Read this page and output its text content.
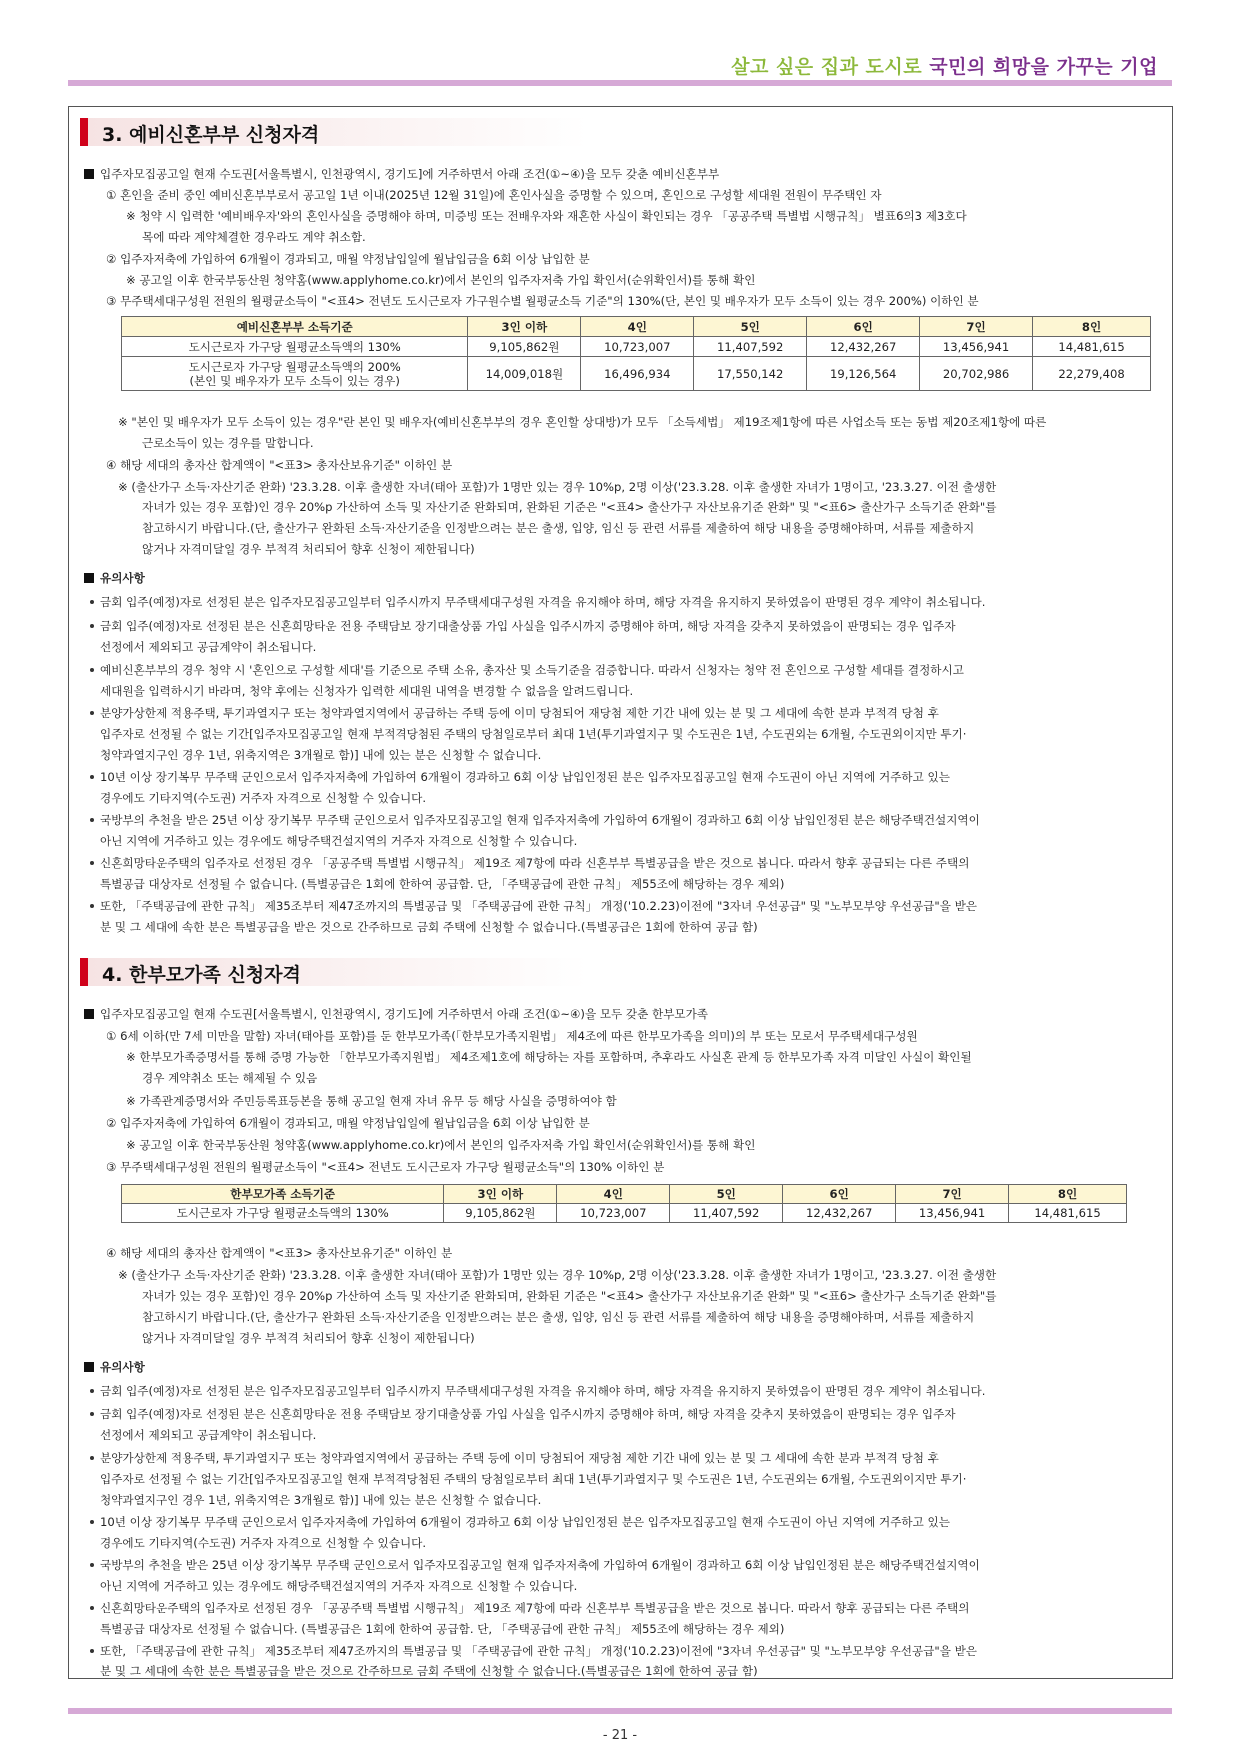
살고 싶은 집과 도시로 국민의 희망을 가꾸는 기업
3. 예비신혼부부 신청자격
입주자모집공고일 현재 수도권[서울특별시, 인천광역시, 경기도]에 거주하면서 아래 조건(①~④)을 모두 갖춘 예비신혼부부
① 혼인을 준비 중인 예비신혼부부로서 공고일 1년 이내(2025년 12월 31일)에 혼인사실을 증명할 수 있으며, 혼인으로 구성할 세대원 전원이 무주택인 자
※ 청약 시 입력한 '예비배우자'와의 혼인사실을 증명해야 하며, 미증빙 또는 전배우자와 재혼한 사실이 확인되는 경우 「공공주택 특별법 시행규칙」 별표6의3 제3호다
목에 따라 계약체결한 경우라도 계약 취소함.
② 입주자저축에 가입하여 6개월이 경과되고, 매월 약정납입일에 월납입금을 6회 이상 납입한 분
※ 공고일 이후 한국부동산원 청약홈(www.applyhome.co.kr)에서 본인의 입주자저축 가입 확인서(순위확인서)를 통해 확인
③ 무주택세대구성원 전원의 월평균소득이 "<표4> 전년도 도시근로자 가구원수별 월평균소득 기준"의 130%(단, 본인 및 배우자가 모두 소득이 있는 경우 200%) 이하인 분
예비신혼부부 소득기준	3인 이하	4인	5인	6인	7인	8인
도시근로자 가구당 월평균소득액의 130%	9,105,862원	10,723,007	11,407,592	12,432,267	13,456,941	14,481,615

도시근로자 가구당 월평균소득액의 200%
(본인 및 배우자가 모두 소득이 있는 경우)	14,009,018원	16,496,934	17,550,142	19,126,564	20,702,986	22,279,408
※ "본인 및 배우자가 모두 소득이 있는 경우"란 본인 및 배우자(예비신혼부부의 경우 혼인할 상대방)가 모두 「소득세법」 제19조제1항에 따른 사업소득 또는 동법 제20조제1항에 따른
근로소득이 있는 경우를 말합니다.
④ 해당 세대의 총자산 합계액이 "<표3> 총자산보유기준" 이하인 분
※ (출산가구 소득·자산기준 완화) '23.3.28. 이후 출생한 자녀(태아 포함)가 1명만 있는 경우 10%p, 2명 이상('23.3.28. 이후 출생한 자녀가 1명이고, '23.3.27. 이전 출생한
자녀가 있는 경우 포함)인 경우 20%p 가산하여 소득 및 자산기준 완화되며, 완화된 기준은 "<표4> 출산가구 자산보유기준 완화" 및 "<표6> 출산가구 소득기준 완화"를
참고하시기 바랍니다.(단, 출산가구 완화된 소득·자산기준을 인정받으려는 분은 출생, 입양, 임신 등 관련 서류를 제출하여 해당 내용을 증명해야하며, 서류를 제출하지
않거나 자격미달일 경우 부적격 처리되어 향후 신청이 제한됩니다)
유의사항
금회 입주(예정)자로 선정된 분은 입주자모집공고일부터 입주시까지 무주택세대구성원 자격을 유지해야 하며, 해당 자격을 유지하지 못하였음이 판명된 경우 계약이 취소됩니다.
금회 입주(예정)자로 선정된 분은 신혼희망타운 전용 주택담보 장기대출상품 가입 사실을 입주시까지 증명해야 하며, 해당 자격을 갖추지 못하였음이 판명되는 경우 입주자
선정에서 제외되고 공급계약이 취소됩니다.
예비신혼부부의 경우 청약 시 '혼인으로 구성할 세대'를 기준으로 주택 소유, 총자산 및 소득기준을 검증합니다. 따라서 신청자는 청약 전 혼인으로 구성할 세대를 결정하시고
세대원을 입력하시기 바라며, 청약 후에는 신청자가 입력한 세대원 내역을 변경할 수 없음을 알려드립니다.
분양가상한제 적용주택, 투기과열지구 또는 청약과열지역에서 공급하는 주택 등에 이미 당첨되어 재당첨 제한 기간 내에 있는 분 및 그 세대에 속한 분과 부적격 당첨 후
입주자로 선정될 수 없는 기간[입주자모집공고일 현재 부적격당첨된 주택의 당첨일로부터 최대 1년(투기과열지구 및 수도권은 1년, 수도권외는 6개월, 수도권외이지만 투기·
청약과열지구인 경우 1년, 위축지역은 3개월로 함)] 내에 있는 분은 신청할 수 없습니다.
10년 이상 장기복무 무주택 군인으로서 입주자저축에 가입하여 6개월이 경과하고 6회 이상 납입인정된 분은 입주자모집공고일 현재 수도권이 아닌 지역에 거주하고 있는
경우에도 기타지역(수도권) 거주자 자격으로 신청할 수 있습니다.
국방부의 추천을 받은 25년 이상 장기복무 무주택 군인으로서 입주자모집공고일 현재 입주자저축에 가입하여 6개월이 경과하고 6회 이상 납입인정된 분은 해당주택건설지역이
아닌 지역에 거주하고 있는 경우에도 해당주택건설지역의 거주자 자격으로 신청할 수 있습니다.
신혼희망타운주택의 입주자로 선정된 경우 「공공주택 특별법 시행규칙」 제19조 제7항에 따라 신혼부부 특별공급을 받은 것으로 봅니다. 따라서 향후 공급되는 다른 주택의
특별공급 대상자로 선정될 수 없습니다. (특별공급은 1회에 한하여 공급함. 단, 「주택공급에 관한 규칙」 제55조에 해당하는 경우 제외)
또한, 「주택공급에 관한 규칙」 제35조부터 제47조까지의 특별공급 및 「주택공급에 관한 규칙」 개정('10.2.23)이전에 "3자녀 우선공급" 및 "노부모부양 우선공급"을 받은
분 및 그 세대에 속한 분은 특별공급을 받은 것으로 간주하므로 금회 주택에 신청할 수 없습니다.(특별공급은 1회에 한하여 공급 함)
4. 한부모가족 신청자격
입주자모집공고일 현재 수도권[서울특별시, 인천광역시, 경기도]에 거주하면서 아래 조건(①~④)을 모두 갖춘 한부모가족
① 6세 이하(만 7세 미만을 말함) 자녀(태아를 포함)를 둔 한부모가족(「한부모가족지원법」 제4조에 따른 한부모가족을 의미)의 부 또는 모로서 무주택세대구성원
※ 한부모가족증명서를 통해 증명 가능한 「한부모가족지원법」 제4조제1호에 해당하는 자를 포함하며, 추후라도 사실혼 관계 등 한부모가족 자격 미달인 사실이 확인될
경우 계약취소 또는 해제될 수 있음
※ 가족관계증명서와 주민등록표등본을 통해 공고일 현재 자녀 유무 등 해당 사실을 증명하여야 함
② 입주자저축에 가입하여 6개월이 경과되고, 매월 약정납입일에 월납입금을 6회 이상 납입한 분
※ 공고일 이후 한국부동산원 청약홈(www.applyhome.co.kr)에서 본인의 입주자저축 가입 확인서(순위확인서)를 통해 확인
③ 무주택세대구성원 전원의 월평균소득이 "<표4> 전년도 도시근로자 가구당 월평균소득"의 130% 이하인 분
한부모가족 소득기준	3인 이하	4인	5인	6인	7인	8인
도시근로자 가구당 월평균소득액의 130%	9,105,862원	10,723,007	11,407,592	12,432,267	13,456,941	14,481,615
④ 해당 세대의 총자산 합계액이 "<표3> 총자산보유기준" 이하인 분
※ (출산가구 소득·자산기준 완화) '23.3.28. 이후 출생한 자녀(태아 포함)가 1명만 있는 경우 10%p, 2명 이상('23.3.28. 이후 출생한 자녀가 1명이고, '23.3.27. 이전 출생한
자녀가 있는 경우 포함)인 경우 20%p 가산하여 소득 및 자산기준 완화되며, 완화된 기준은 "<표4> 출산가구 자산보유기준 완화" 및 "<표6> 출산가구 소득기준 완화"를
참고하시기 바랍니다.(단, 출산가구 완화된 소득·자산기준을 인정받으려는 분은 출생, 입양, 임신 등 관련 서류를 제출하여 해당 내용을 증명해야하며, 서류를 제출하지
않거나 자격미달일 경우 부적격 처리되어 향후 신청이 제한됩니다)
유의사항
금회 입주(예정)자로 선정된 분은 입주자모집공고일부터 입주시까지 무주택세대구성원 자격을 유지해야 하며, 해당 자격을 유지하지 못하였음이 판명된 경우 계약이 취소됩니다.
금회 입주(예정)자로 선정된 분은 신혼희망타운 전용 주택담보 장기대출상품 가입 사실을 입주시까지 증명해야 하며, 해당 자격을 갖추지 못하였음이 판명되는 경우 입주자
선정에서 제외되고 공급계약이 취소됩니다.
분양가상한제 적용주택, 투기과열지구 또는 청약과열지역에서 공급하는 주택 등에 이미 당첨되어 재당첨 제한 기간 내에 있는 분 및 그 세대에 속한 분과 부적격 당첨 후
입주자로 선정될 수 없는 기간[입주자모집공고일 현재 부적격당첨된 주택의 당첨일로부터 최대 1년(투기과열지구 및 수도권은 1년, 수도권외는 6개월, 수도권외이지만 투기·
청약과열지구인 경우 1년, 위축지역은 3개월로 함)] 내에 있는 분은 신청할 수 없습니다.
10년 이상 장기복무 무주택 군인으로서 입주자저축에 가입하여 6개월이 경과하고 6회 이상 납입인정된 분은 입주자모집공고일 현재 수도권이 아닌 지역에 거주하고 있는
경우에도 기타지역(수도권) 거주자 자격으로 신청할 수 있습니다.
국방부의 추천을 받은 25년 이상 장기복무 무주택 군인으로서 입주자모집공고일 현재 입주자저축에 가입하여 6개월이 경과하고 6회 이상 납입인정된 분은 해당주택건설지역이
아닌 지역에 거주하고 있는 경우에도 해당주택건설지역의 거주자 자격으로 신청할 수 있습니다.
신혼희망타운주택의 입주자로 선정된 경우 「공공주택 특별법 시행규칙」 제19조 제7항에 따라 신혼부부 특별공급을 받은 것으로 봅니다. 따라서 향후 공급되는 다른 주택의
특별공급 대상자로 선정될 수 없습니다. (특별공급은 1회에 한하여 공급함. 단, 「주택공급에 관한 규칙」 제55조에 해당하는 경우 제외)
또한, 「주택공급에 관한 규칙」 제35조부터 제47조까지의 특별공급 및 「주택공급에 관한 규칙」 개정('10.2.23)이전에 "3자녀 우선공급" 및 "노부모부양 우선공급"을 받은
분 및 그 세대에 속한 분은 특별공급을 받은 것으로 간주하므로 금회 주택에 신청할 수 없습니다.(특별공급은 1회에 한하여 공급 함)
- 21 -
